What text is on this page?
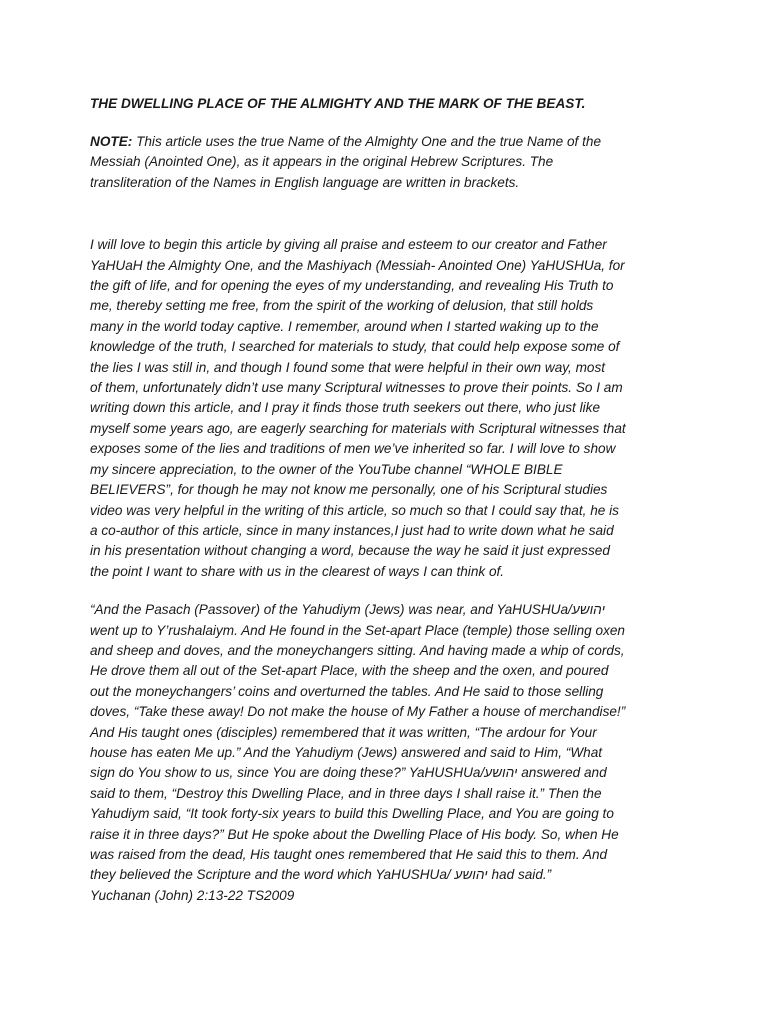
THE DWELLING PLACE OF THE ALMIGHTY AND THE MARK OF THE BEAST.

NOTE: This article uses the true Name of the Almighty One and the true Name of the
Messiah (Anointed One), as it appears in the original Hebrew Scriptures. The
transliteration of the Names in English language are written in brackets.

I will love to begin this article by giving all praise and esteem to our creator and Father
YaHUaH the Almighty One, and the Mashiyach (Messiah- Anointed One) YaHUSHUa, for
the gift of life, and for opening the eyes of my understanding, and revealing His Truth to
me, thereby setting me free, from the spirit of the working of delusion, that still holds
many in the world today captive. I remember, around when I started waking up to the
knowledge of the truth, I searched for materials to study, that could help expose some of
the lies I was still in, and though I found some that were helpful in their own way, most
of them, unfortunately didn’t use many Scriptural witnesses to prove their points. So I am
writing down this article, and I pray it finds those truth seekers out there, who just like
myself some years ago, are eagerly searching for materials with Scriptural witnesses that
exposes some of the lies and traditions of men we’ve inherited so far. I will love to show
my sincere appreciation, to the owner of the YouTube channel “WHOLE BIBLE
BELIEVERS”, for though he may not know me personally, one of his Scriptural studies
video was very helpful in the writing of this article, so much so that I could say that, he is
a co-author of this article, since in many instances,I just had to write down what he said
in his presentation without changing a word, because the way he said it just expressed
the point I want to share with us in the clearest of ways I can think of.

“And the Pasach (Passover) of the Yahudiym (Jews) was near, and YaHUSHUa/יהושע
went up to Y’rushalaiym. And He found in the Set-apart Place (temple) those selling oxen
and sheep and doves, and the moneychangers sitting. And having made a whip of cords,
He drove them all out of the Set-apart Place, with the sheep and the oxen, and poured
out the moneychangers’ coins and overturned the tables. And He said to those selling
doves, “Take these away! Do not make the house of My Father a house of merchandise!”
And His taught ones (disciples) remembered that it was written, “The ardour for Your
house has eaten Me up.” And the Yahudiym (Jews) answered and said to Him, “What
sign do You show to us, since You are doing these?” YaHUSHUa/יהושע answered and
said to them, “Destroy this Dwelling Place, and in three days I shall raise it.” Then the
Yahudiym said, “It took forty-six years to build this Dwelling Place, and You are going to
raise it in three days?” But He spoke about the Dwelling Place of His body. So, when He
was raised from the dead, His taught ones remembered that He said this to them. And
they believed the Scripture and the word which YaHUSHUa/ יהושע had said.”
Yuchanan (John) 2:13-22 TS2009
